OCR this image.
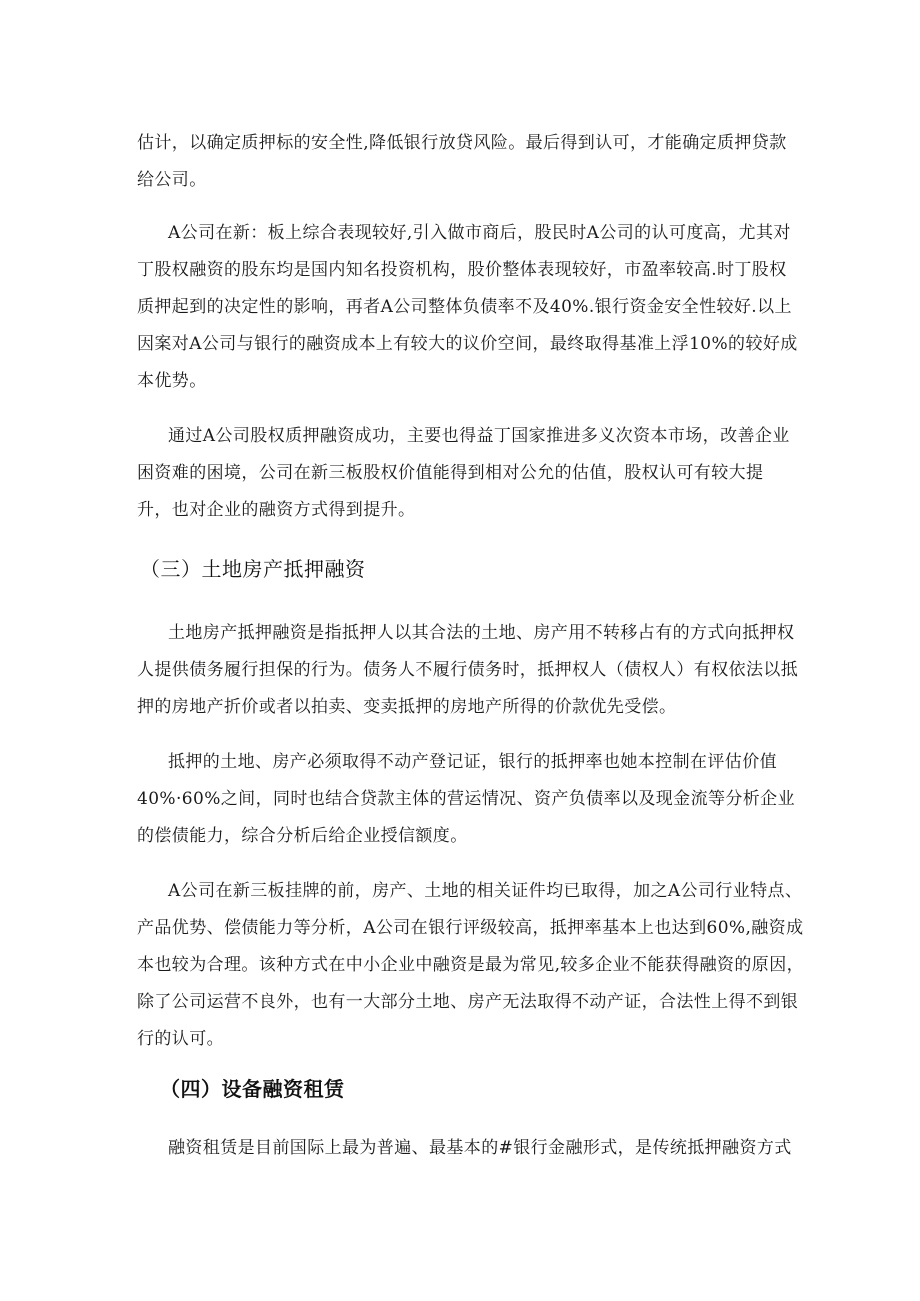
估计，以确定质押标的安全性,降低银行放贷风险。最后得到认可，才能确定质押贷款
给公司。
A公司在新：板上综合表现较好,引入做市商后，股民时A公司的认可度高，尤其对
丁股权融资的股东均是国内知名投资机构，股价整体表现较好，市盈率较高.时丁股权
质押起到的决定性的影响，再者A公司整体负债率不及40%.银行资金安全性较好.以上
因案对A公司与银行的融资成本上有较大的议价空间，最终取得基准上浮10%的较好成
本优势。
通过A公司股权质押融资成功，主要也得益丁国家推进多义次资本市场，改善企业
困资难的困境，公司在新三板股权价值能得到相对公允的估值，股权认可有较大提
升，也对企业的融资方式得到提升。
（三）土地房产抵押融资
土地房产抵押融资是指抵押人以其合法的土地、房产用不转移占有的方式向抵押权
人提供债务履行担保的行为。债务人不履行债务时，抵押权人（债权人）有权依法以抵
押的房地产折价或者以拍卖、变卖抵押的房地产所得的价款优先受偿。
抵押的土地、房产必须取得不动产登记证，银行的抵押率也她本控制在评估价值
40%·60%之间，同时也结合贷款主体的营运情况、资产负债率以及现金流等分析企业
的偿债能力，综合分析后给企业授信额度。
A公司在新三板挂牌的前，房产、土地的相关证件均已取得，加之A公司行业特点、
产品优势、偿债能力等分析，A公司在银行评级较高，抵押率基本上也达到60%,融资成
本也较为合理。该种方式在中小企业中融资是最为常见,较多企业不能获得融资的原因，
除了公司运营不良外，也有一大部分土地、房产无法取得不动产证，合法性上得不到银
行的认可。
（四）设备融资租赁
融资租赁是目前国际上最为普遍、最基本的#银行金融形式，是传统抵押融资方式
